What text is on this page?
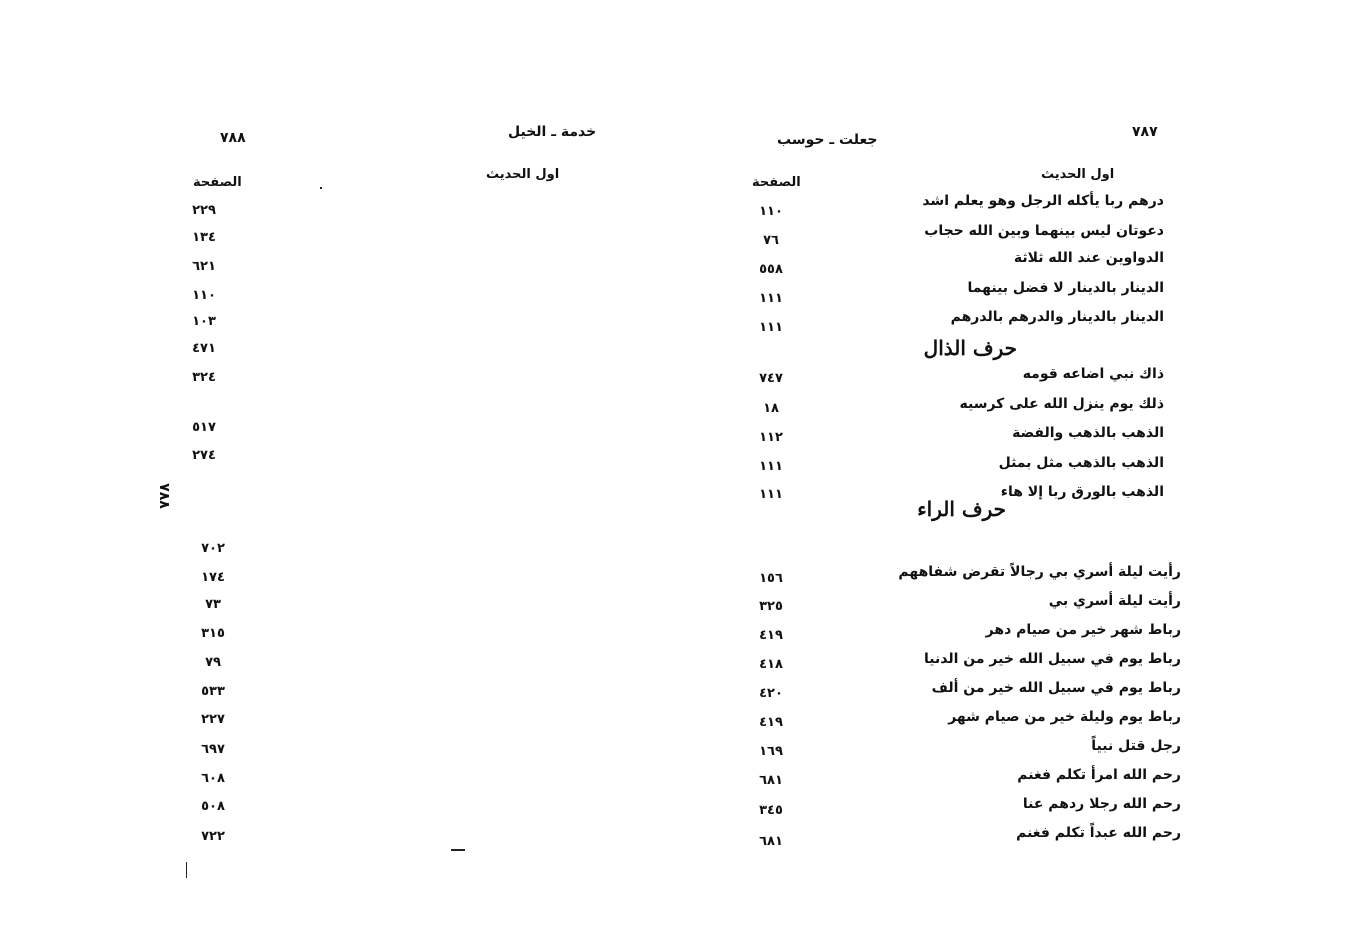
٧٨٨	خدمة ـ الخيل
اول الحديث
الصفحة
٢٢٩
١٣٤
٦٢١
١١٠
١٠٣
٤٧١
٣٢٤
٥١٧
٢٧٤
٧٨٨
٧٠٢
١٧٤
٧٣
٣١٥
٧٩
٥٣٣
٢٢٧
٦٩٧
٦٠٨
٥٠٨
٧٢٢
٧٨٧
جعلت ـ حوسب
اول الحديث
الصفحة
درهم ربا يأكله الرجل وهو يعلم اشد
١١٠
دعوتان ليس بينهما وبين الله حجاب
٧٦
الدواوين عند الله ثلاثة
٥٥٨
الدينار بالدينار لا فضل بينهما
١١١
الدينار بالدينار والدرهم بالدرهم
١١١
حرف الذال
ذاك نبي اضاعه قومه
٧٤٧
ذلك يوم ينزل الله على كرسيه
١٨
الذهب بالذهب والفضة
١١٢
الذهب بالذهب مثل بمثل
١١١
الذهب بالورق ربا إلا هاء
١١١
حرف الراء
رأيت ليلة أسري بي رجالاً تقرض شفاههم
١٥٦
رأيت ليلة أسري بي
٣٢٥
رباط شهر خير من صيام دهر
٤١٩
رباط يوم في سبيل الله خير من الدنيا
٤١٨
رباط يوم في سبيل الله خير من ألف
٤٢٠
رباط يوم وليلة خير من صيام شهر
٤١٩
رجل قتل نبياً
١٦٩
رحم الله امرأ تكلم فغنم
٦٨١
رحم الله رجلا ردهم عنا
٣٤٥
رحم الله عبداً تكلم فغنم
٦٨١
